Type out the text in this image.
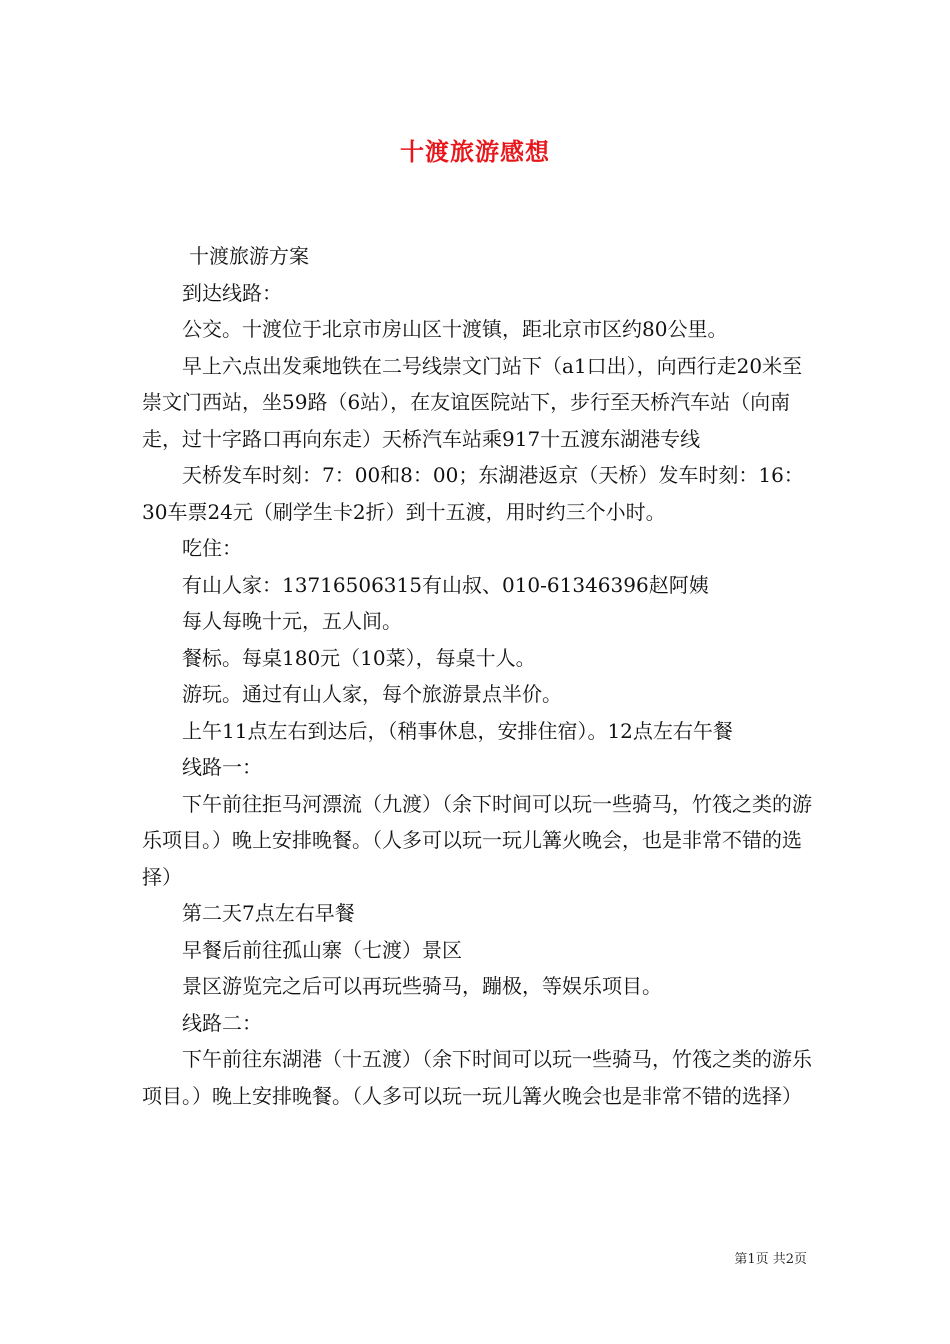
十渡旅游感想

十渡旅游方案

到达线路：

公交。十渡位于北京市房山区十渡镇，距北京市区约80公里。

早上六点出发乘地铁在二号线崇文门站下（a1口出），向西行走20米至崇文门西站，坐59路（6站），在友谊医院站下，步行至天桥汽车站（向南走，过十字路口再向东走）天桥汽车站乘917十五渡东湖港专线

天桥发车时刻：7：00和8：00；东湖港返京（天桥）发车时刻：16：30车票24元（刷学生卡2折）到十五渡，用时约三个小时。

吃住：

有山人家：13716506315有山叔、010-61346396赵阿姨

每人每晚十元，五人间。

餐标。每桌180元（10菜），每桌十人。

游玩。通过有山人家，每个旅游景点半价。

上午11点左右到达后，（稍事休息，安排住宿）。12点左右午餐

线路一：

下午前往拒马河漂流（九渡）（余下时间可以玩一些骑马，竹筏之类的游乐项目。）晚上安排晚餐。（人多可以玩一玩儿篝火晚会，也是非常不错的选择）

第二天7点左右早餐

早餐后前往孤山寨（七渡）景区

景区游览完之后可以再玩些骑马，蹦极，等娱乐项目。

线路二：

下午前往东湖港（十五渡）（余下时间可以玩一些骑马，竹筏之类的游乐项目。）晚上安排晚餐。（人多可以玩一玩儿篝火晚会也是非常不错的选择）

第1页 共2页
